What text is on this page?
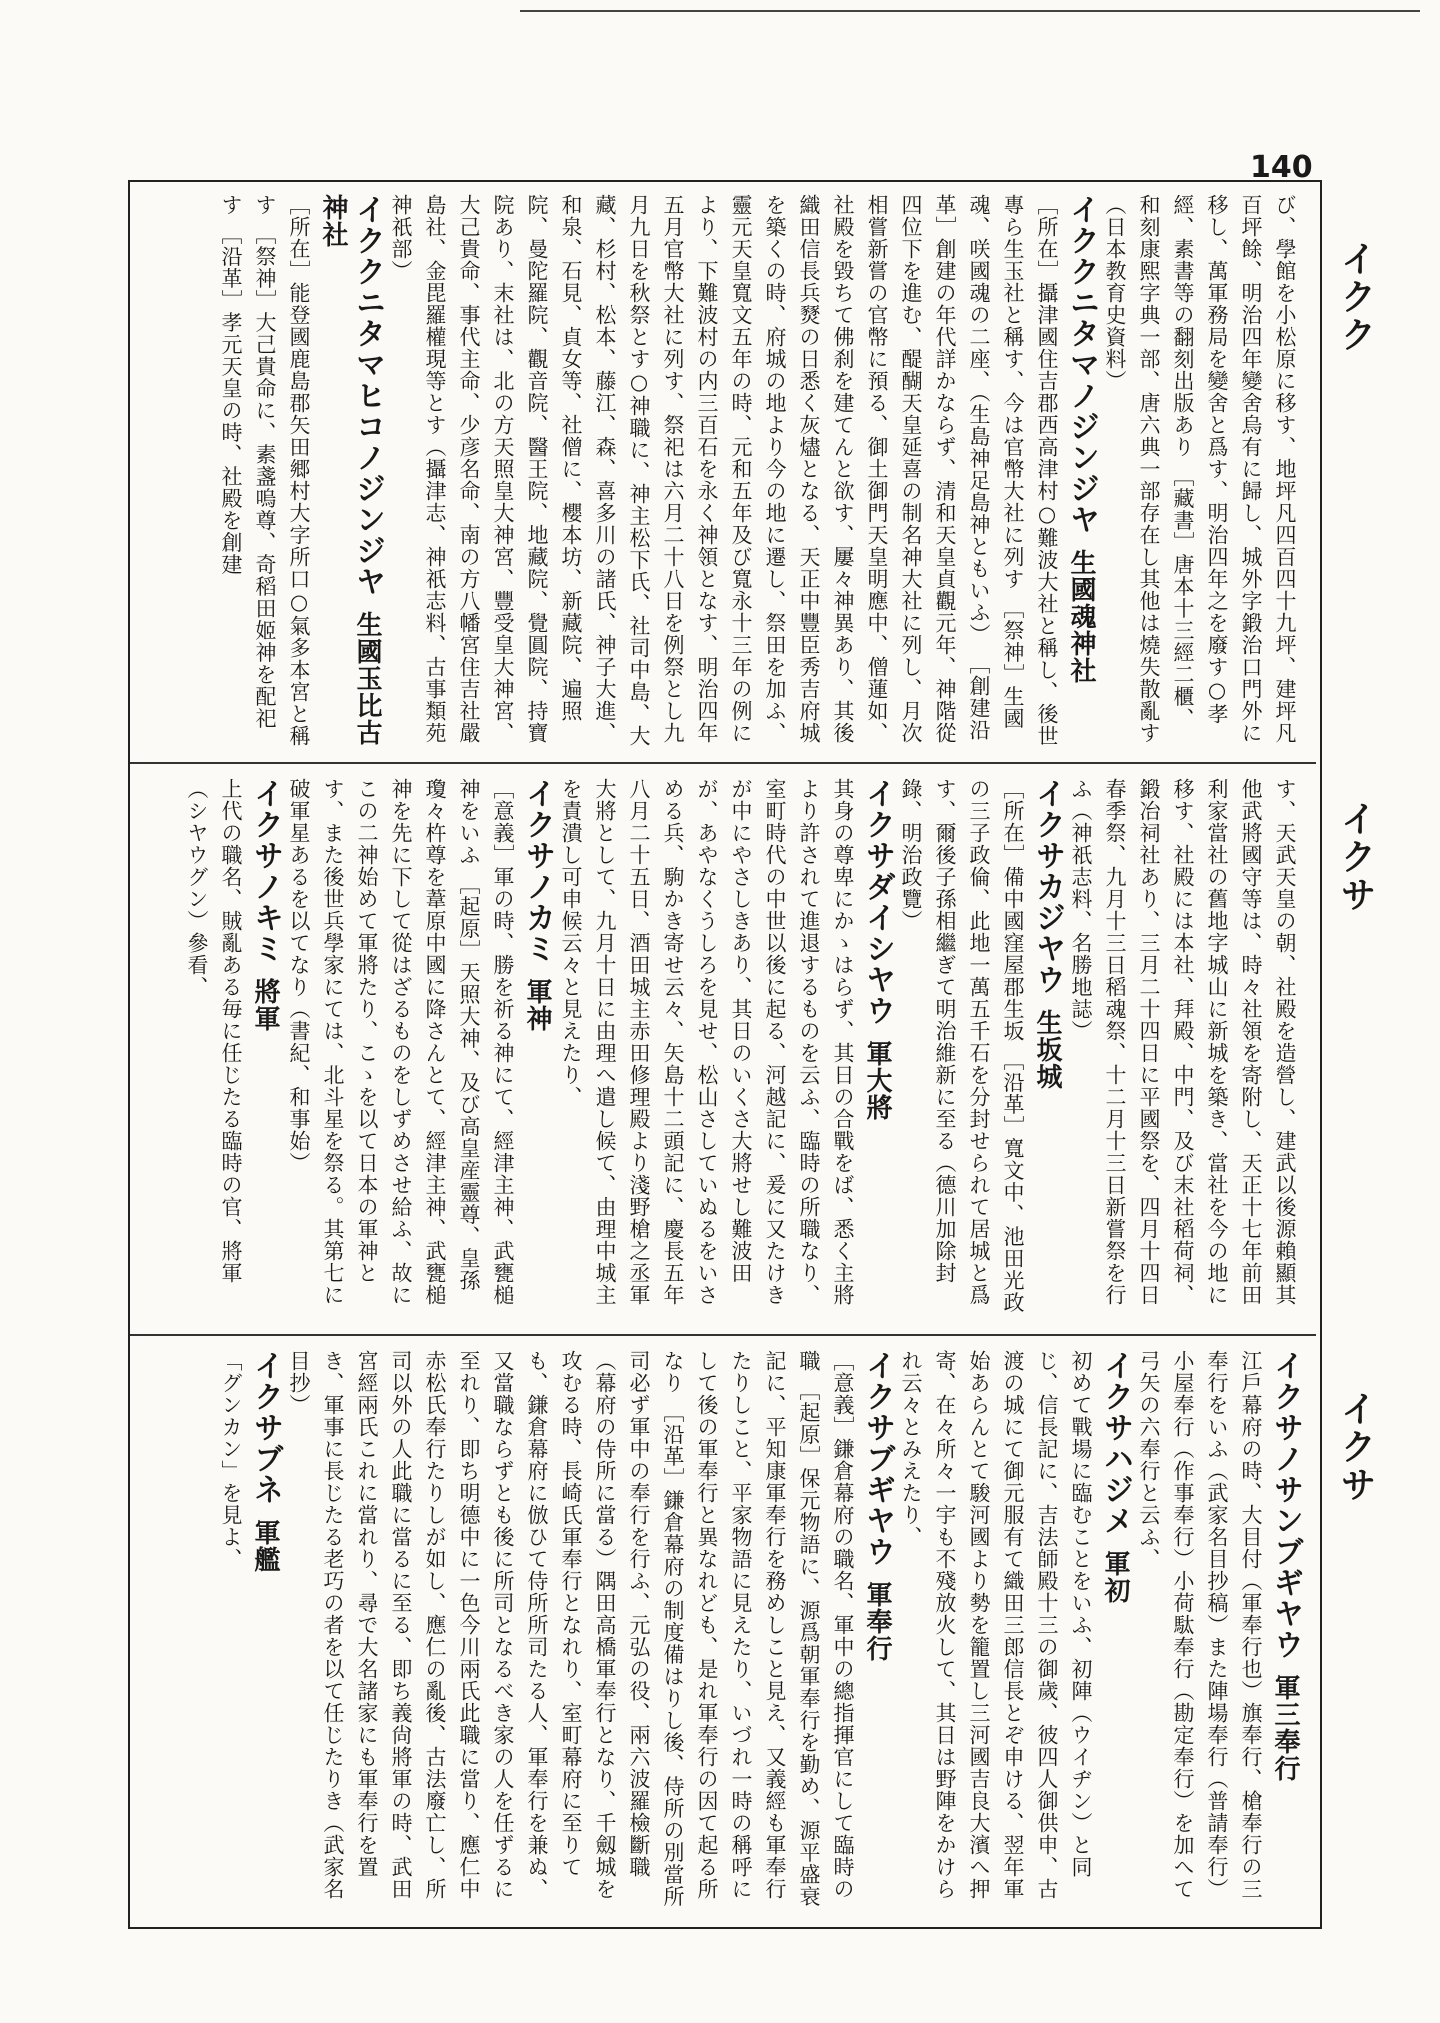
140
イクク
イクサ
イクサ
び、學館を小松原に移す、地坪凡四百四十九坪、建坪凡百坪餘、明治四年變舍烏有に歸し、城外字鍛治口門外に移し、萬軍務局を變舍と爲す、明治四年之を廢す○孝經、素書等の翻刻出版あり ［藏書］唐本十三經二櫃、和刻康熙字典一部、唐六典一部存在し其他は燒失散亂す（日本教育史資料）
イククニタマノジンジヤ生國魂神社
［所在］攝津國住吉郡西高津村○難波大社と稱し、後世專ら生玉社と稱す、今は官幣大社に列す ［祭神］生國魂、咲國魂の二座、（生島神足島神ともいふ） ［創建沿革］創建の年代詳かならず、清和天皇貞觀元年、神階從四位下を進む、醍醐天皇延喜の制名神大社に列し、月次相嘗新嘗の官幣に預る、御土御門天皇明應中、僧蓮如、社殿を毀ちて佛刹を建てんと欲す、屢々神異あり、其後織田信長兵燹の日悉く灰燼となる、天正中豐臣秀吉府城を築くの時、府城の地より今の地に遷し、祭田を加ふ、靈元天皇寬文五年の時、元和五年及び寬永十三年の例により、下難波村の内三百石を永く神領となす、明治四年五月官幣大社に列す、祭祀は六月二十八日を例祭とし九月九日を秋祭とす○神職に、神主松下氏、社司中島、大藏、杉村、松本、藤江、森、喜多川の諸氏、神子大進、和泉、石見、貞女等、社僧に、櫻本坊、新藏院、遍照院、曼陀羅院、觀音院、醫王院、地藏院、覺圓院、持寶院あり、末社は、北の方天照皇大神宮、豐受皇大神宮、大己貴命、事代主命、少彦名命、南の方八幡宮住吉社嚴島社、金毘羅權現等とす（攝津志、神祇志料、古事類苑神祇部）
イククニタマヒコノジンジヤ生國玉比古神社
［所在］能登國鹿島郡矢田郷村大字所口○氣多本宮と稱す ［祭神］大己貴命に、素盞嗚尊、奇稻田姬神を配祀す ［沿革］孝元天皇の時、社殿を創建
す、天武天皇の朝、社殿を造營し、建武以後源賴顯其他武將國守等は、時々社領を寄附し、天正十七年前田利家當社の舊地字城山に新城を築き、當社を今の地に移す、社殿には本社、拜殿、中門、及び末社稻荷祠、鍛冶祠社あり、三月二十四日に平國祭を、四月十四日春季祭、九月十三日稻魂祭、十二月十三日新嘗祭を行ふ（神祇志料、名勝地誌）
イクサカジヤウ生坂城
［所在］備中國窪屋郡生坂 ［沿革］寬文中、池田光政の三子政倫、此地一萬五千石を分封せられて居城と爲す、爾後子孫相繼ぎて明治維新に至る（德川加除封錄、明治政覽）
イクサダイシヤウ軍大將
其身の尊卑にかゝはらず、其日の合戰をば、悉く主將より許されて進退するものを云ふ、臨時の所職なり、室町時代の中世以後に起る、河越記に、爰に又たけきが中にやさしきあり、其日のいくさ大將せし難波田が、あやなくうしろを見せ、松山さしていぬるをいさめる兵、駒かき寄せ云々、矢島十二頭記に、慶長五年八月二十五日、酒田城主赤田修理殿より淺野槍之丞軍大將として、九月十日に由理へ遣し候て、由理中城主を責潰し可申候云々と見えたり、
イクサノカミ軍神
［意義］軍の時、勝を祈る神にて、經津主神、武甕槌神をいふ ［起原］天照大神、及び高皇産靈尊、皇孫瓊々杵尊を葦原中國に降さんとて、經津主神、武甕槌神を先に下して從はざるものをしずめさせ給ふ、故にこの二神始めて軍將たり、こゝを以て日本の軍神とす、また後世兵學家にては、北斗星を祭る。其第七に破軍星あるを以てなり（書紀、和事始）
イクサノキミ將軍
上代の職名、賊亂ある毎に任じたる臨時の官、將軍（シヤウグン）參看、
イクサノサンブギヤウ軍三奉行
江戶幕府の時、大目付（軍奉行也）旗奉行、槍奉行の三奉行をいふ（武家名目抄稿）また陣場奉行（普請奉行）小屋奉行（作事奉行）小荷駄奉行（勘定奉行）を加へて弓矢の六奉行と云ふ、
イクサハジメ軍初
初めて戰場に臨むことをいふ、初陣（ウイヂン）と同じ、信長記に、吉法師殿十三の御歲、彼四人御供申、古渡の城にて御元服有て織田三郎信長とぞ申ける、翌年軍始あらんとて駿河國より勢を籠置し三河國吉良大濱へ押寄、在々所々一宇も不殘放火して、其日は野陣をかけられ云々とみえたり、
イクサブギヤウ軍奉行
［意義］鎌倉幕府の職名、軍中の總指揮官にして臨時の職 ［起原］保元物語に、源爲朝軍奉行を勤め、源平盛衰記に、平知康軍奉行を務めしこと見え、又義經も軍奉行たりしこと、平家物語に見えたり、いづれ一時の稱呼にして後の軍奉行と異なれども、是れ軍奉行の因て起る所なり ［沿革］鎌倉幕府の制度備はりし後、侍所の別當所司必ず軍中の奉行を行ふ、元弘の役、兩六波羅檢斷職（幕府の侍所に當る）隅田高橋軍奉行となり、千劔城を攻むる時、長崎氏軍奉行となれり、室町幕府に至りても、鎌倉幕府に倣ひて侍所所司たる人、軍奉行を兼ぬ、又當職ならずとも後に所司となるべき家の人を任ずるに至れり、即ち明德中に一色今川兩氏此職に當り、應仁中赤松氏奉行たりしが如し、應仁の亂後、古法廢亡し、所司以外の人此職に當るに至る、即ち義尙將軍の時、武田宮經兩氏これに當れり、尋で大名諸家にも軍奉行を置き、軍事に長じたる老巧の者を以て任じたりき（武家名目抄）
イクサブネ軍艦
「グンカン」を見よ、
